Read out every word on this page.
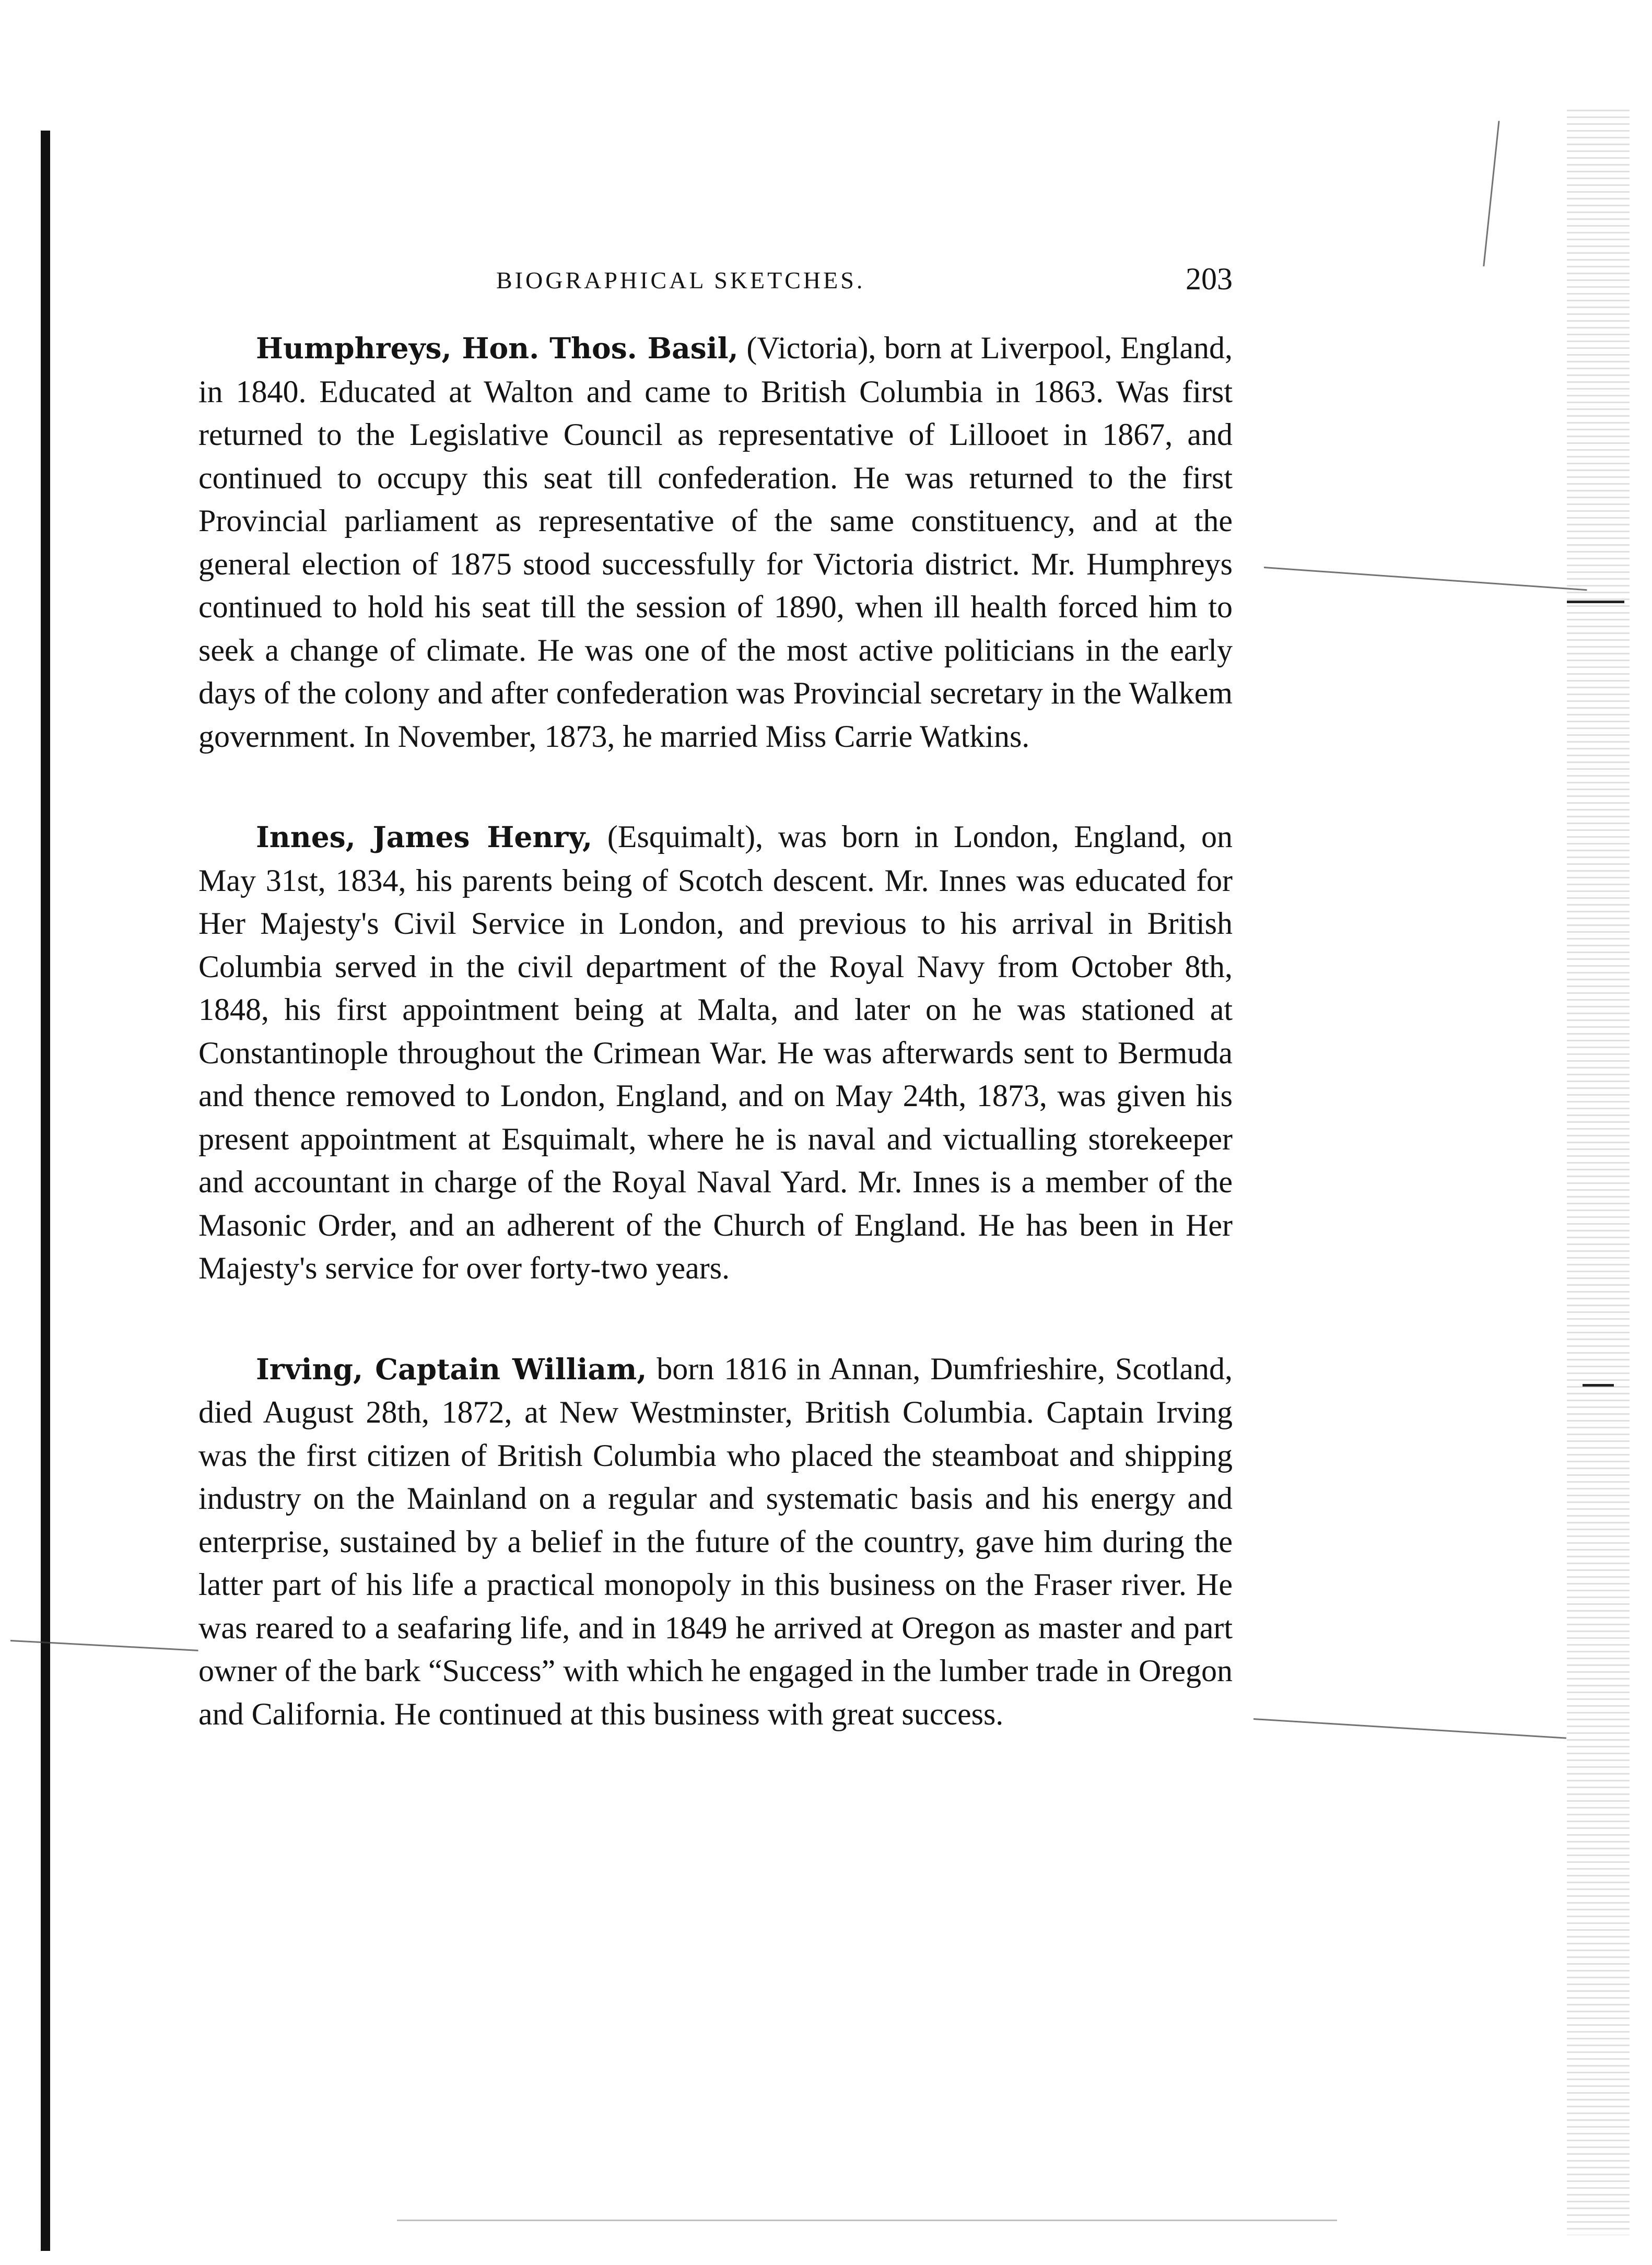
BIOGRAPHICAL SKETCHES.	203

Humphreys, Hon. Thos. Basil, (Victoria), born at Liverpool, England, in 1840. Educated at Walton and came to British Columbia in 1863. Was first returned to the Legislative Council as representative of Lillooet in 1867, and continued to occupy this seat till confederation. He was returned to the first Provincial parliament as representative of the same constituency, and at the general election of 1875 stood successfully for Victoria district. Mr. Humphreys continued to hold his seat till the session of 1890, when ill health forced him to seek a change of climate. He was one of the most active politicians in the early days of the colony and after confederation was Provincial secretary in the Walkem government. In November, 1873, he married Miss Carrie Watkins.

Innes, James Henry, (Esquimalt), was born in London, England, on May 31st, 1834, his parents being of Scotch descent. Mr. Innes was educated for Her Majesty's Civil Service in London, and previous to his arrival in British Columbia served in the civil department of the Royal Navy from October 8th, 1848, his first appointment being at Malta, and later on he was stationed at Constantinople throughout the Crimean War. He was afterwards sent to Bermuda and thence removed to London, England, and on May 24th, 1873, was given his present appointment at Esquimalt, where he is naval and victualling storekeeper and accountant in charge of the Royal Naval Yard. Mr. Innes is a member of the Masonic Order, and an adherent of the Church of England. He has been in Her Majesty's service for over forty-two years.

Irving, Captain William, born 1816 in Annan, Dumfrieshire, Scotland, died August 28th, 1872, at New Westminster, British Columbia. Captain Irving was the first citizen of British Columbia who placed the steamboat and shipping industry on the Mainland on a regular and systematic basis and his energy and enterprise, sustained by a belief in the future of the country, gave him during the latter part of his life a practical monopoly in this business on the Fraser river. He was reared to a seafaring life, and in 1849 he arrived at Oregon as master and part owner of the bark “Success” with which he engaged in the lumber trade in Oregon and California. He continued at this business with great success.
